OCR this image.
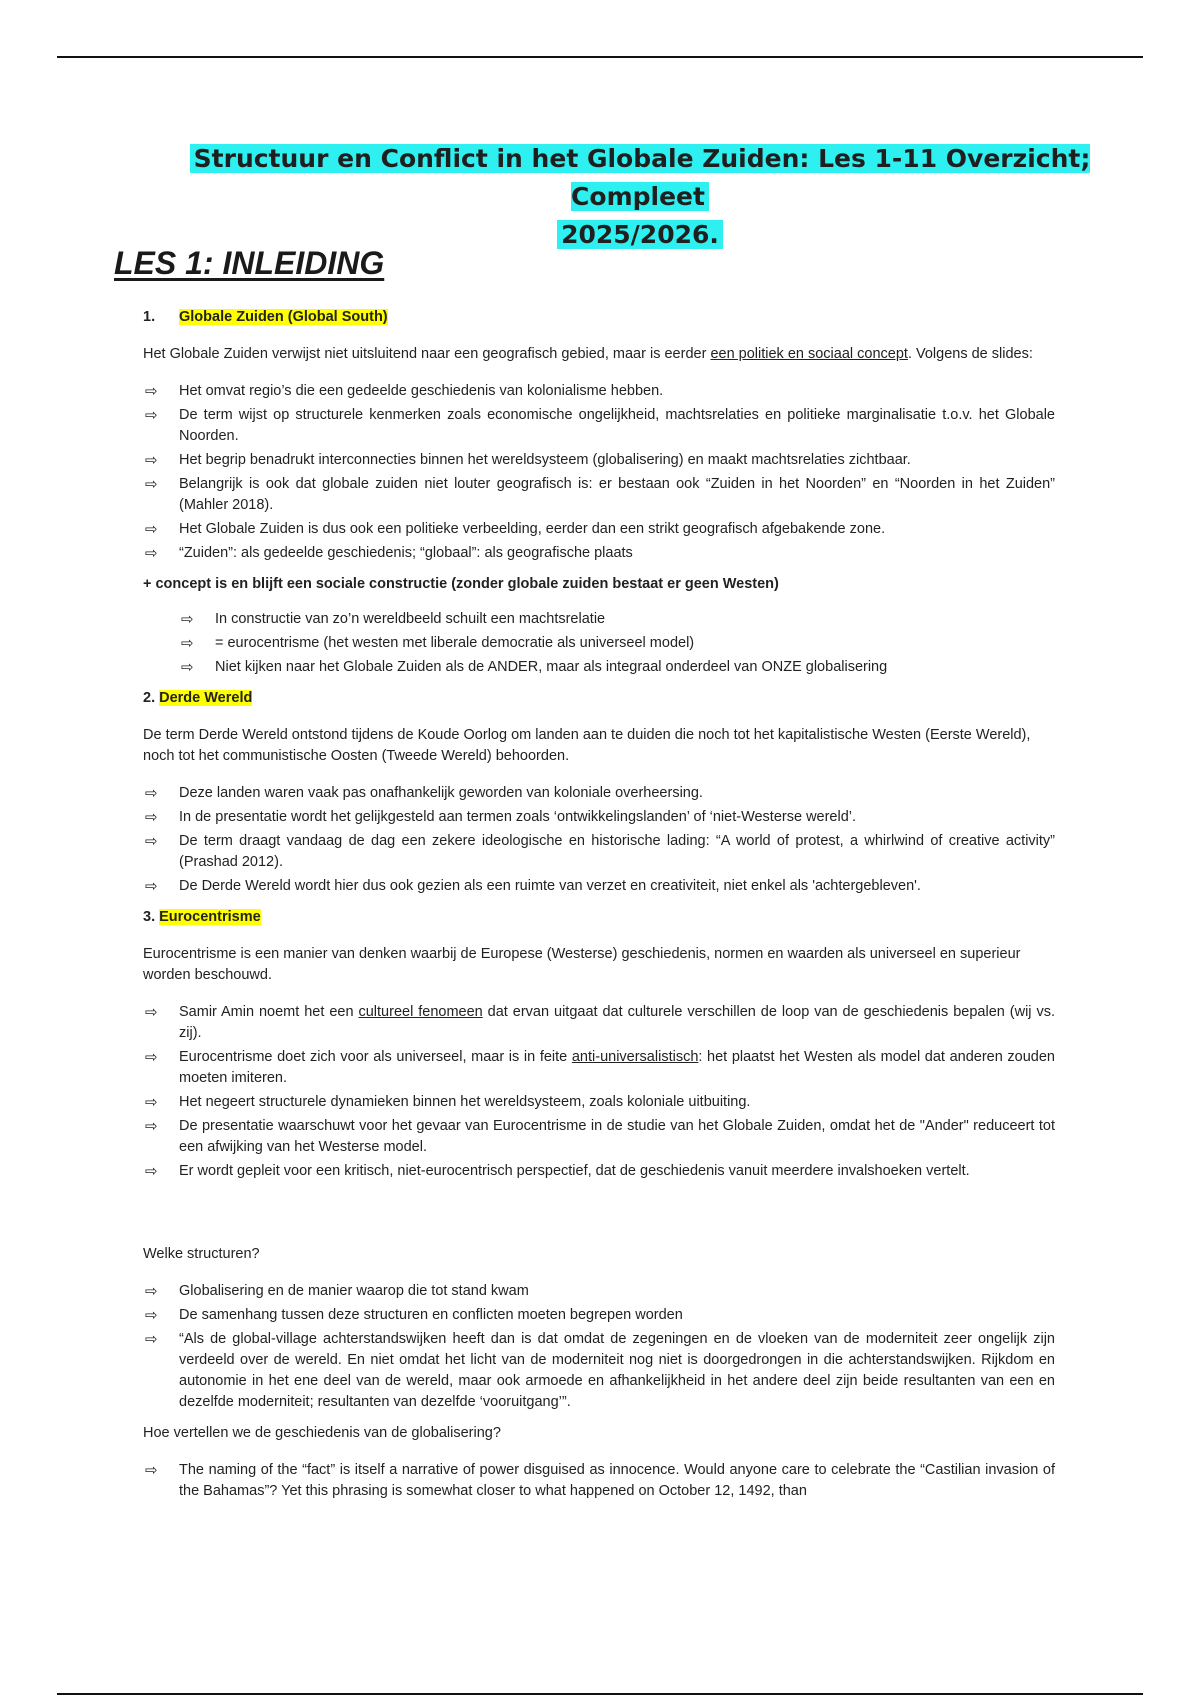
Structuur en Conflict in het Globale Zuiden: Les 1-11 Overzicht; Compleet
2025/2026.
LES 1: INLEIDING
1. Globale Zuiden (Global South)

Het Globale Zuiden verwijst niet uitsluitend naar een geografisch gebied, maar is eerder een politiek en sociaal concept. Volgens de slides:

⇨ Het omvat regio’s die een gedeelde geschiedenis van kolonialisme hebben.
⇨ De term wijst op structurele kenmerken zoals economische ongelijkheid, machtsrelaties en politieke marginalisatie t.o.v. het Globale Noorden.
⇨ Het begrip benadrukt interconnecties binnen het wereldsysteem (globalisering) en maakt machtsrelaties zichtbaar.
⇨ Belangrijk is ook dat globale zuiden niet louter geografisch is: er bestaan ook “Zuiden in het Noorden” en “Noorden in het Zuiden” (Mahler 2018).
⇨ Het Globale Zuiden is dus ook een politieke verbeelding, eerder dan een strikt geografisch afgebakende zone.
⇨ “Zuiden”: als gedeelde geschiedenis; “globaal”: als geografische plaats
+ concept is en blijft een sociale constructie (zonder globale zuiden bestaat er geen Westen)
⇨ In constructie van zo’n wereldbeeld schuilt een machtsrelatie
⇨ = eurocentrisme (het westen met liberale democratie als universeel model)
⇨ Niet kijken naar het Globale Zuiden als de ANDER, maar als integraal onderdeel van ONZE globalisering
2. Derde Wereld

De term Derde Wereld ontstond tijdens de Koude Oorlog om landen aan te duiden die noch tot het kapitalistische Westen (Eerste Wereld), noch tot het communistische Oosten (Tweede Wereld) behoorden.

⇨ Deze landen waren vaak pas onafhankelijk geworden van koloniale overheersing.
⇨ In de presentatie wordt het gelijkgesteld aan termen zoals ‘ontwikkelingslanden’ of ‘niet-Westerse wereld’.
⇨ De term draagt vandaag de dag een zekere ideologische en historische lading: “A world of protest, a whirlwind of creative activity” (Prashad 2012).
⇨ De Derde Wereld wordt hier dus ook gezien als een ruimte van verzet en creativiteit, niet enkel als 'achtergebleven'.
3. Eurocentrisme

Eurocentrisme is een manier van denken waarbij de Europese (Westerse) geschiedenis, normen en waarden als universeel en superieur worden beschouwd.

⇨ Samir Amin noemt het een cultureel fenomeen dat ervan uitgaat dat culturele verschillen de loop van de geschiedenis bepalen (wij vs. zij).
⇨ Eurocentrisme doet zich voor als universeel, maar is in feite anti-universalistisch: het plaatst het Westen als model dat anderen zouden moeten imiteren.
⇨ Het negeert structurele dynamieken binnen het wereldsysteem, zoals koloniale uitbuiting.
⇨ De presentatie waarschuwt voor het gevaar van Eurocentrisme in de studie van het Globale Zuiden, omdat het de "Ander" reduceert tot een afwijking van het Westerse model.
⇨ Er wordt gepleit voor een kritisch, niet-eurocentrisch perspectief, dat de geschiedenis vanuit meerdere invalshoeken vertelt.

Welke structuren?

⇨ Globalisering en de manier waarop die tot stand kwam
⇨ De samenhang tussen deze structuren en conflicten moeten begrepen worden
⇨ “Als de global-village achterstandswijken heeft dan is dat omdat de zegeningen en de vloeken van de moderniteit zeer ongelijk zijn verdeeld over de wereld. En niet omdat het licht van de moderniteit nog niet is doorgedrongen in die achterstandswijken. Rijkdom en autonomie in het ene deel van de wereld, maar ook armoede en afhankelijkheid in het andere deel zijn beide resultanten van een en dezelfde moderniteit; resultanten van dezelfde ‘vooruitgang’”.

Hoe vertellen we de geschiedenis van de globalisering?

⇨ The naming of the “fact” is itself a narrative of power disguised as innocence. Would anyone care to celebrate the “Castilian invasion of the Bahamas”? Yet this phrasing is somewhat closer to what happened on October 12, 1492, than
